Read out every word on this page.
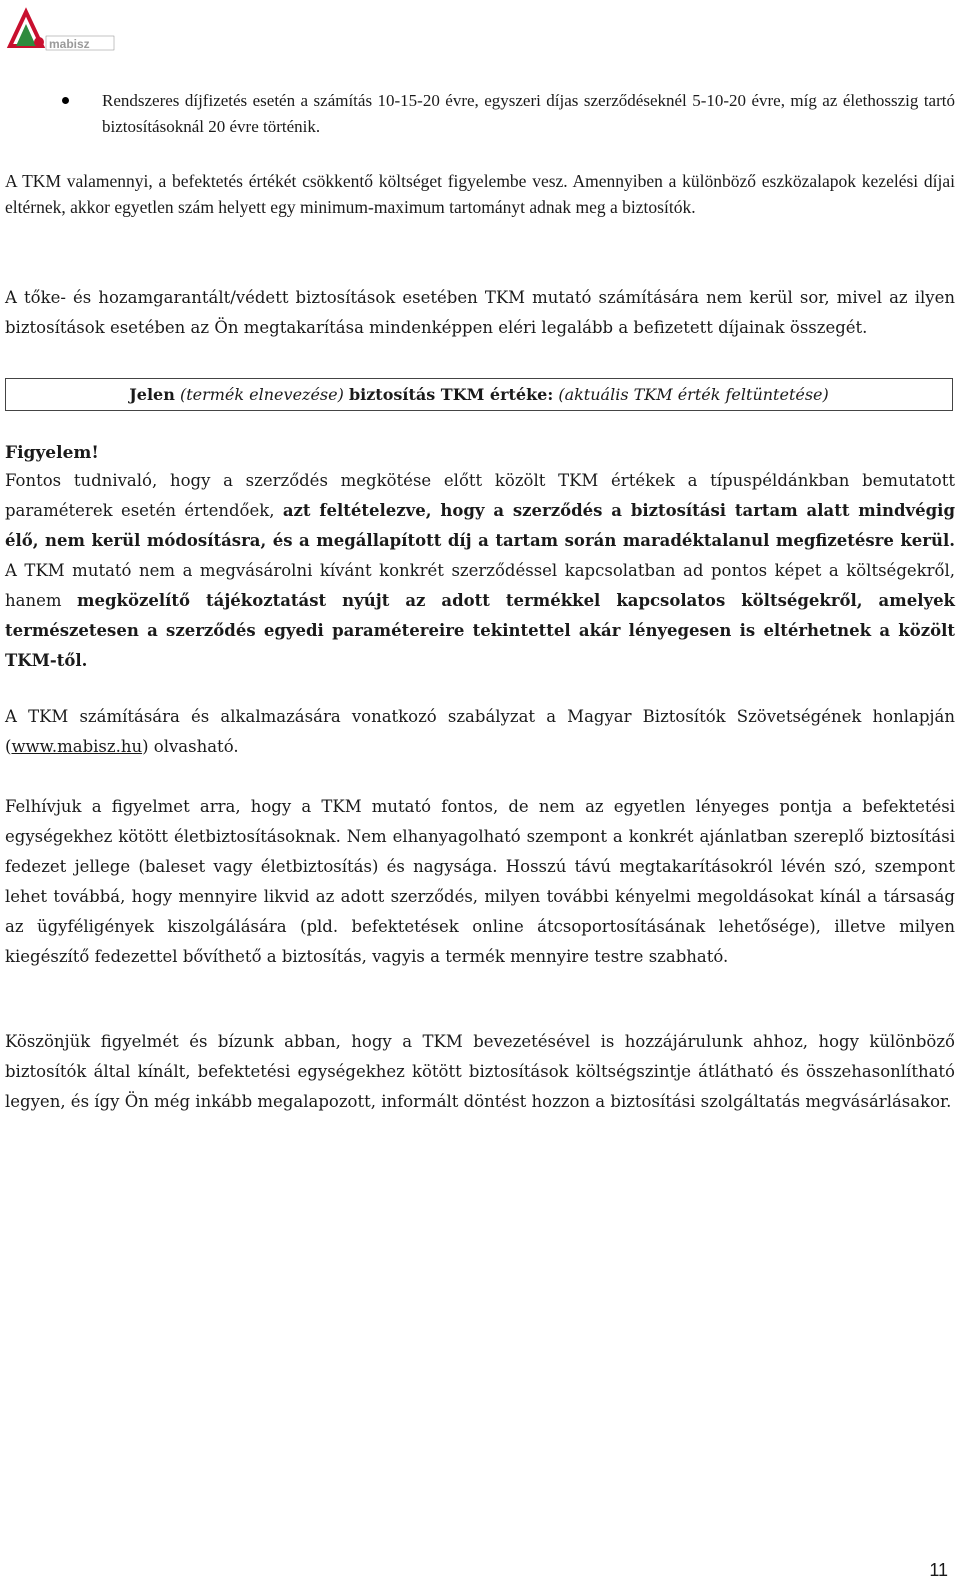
mabisz
Rendszeres díjfizetés esetén a számítás 10-15-20 évre, egyszeri díjas szerződéseknél 5-10-20 évre, míg az élethosszig tartó biztosításoknál 20 évre történik.
A TKM valamennyi, a befektetés értékét csökkentő költséget figyelembe vesz. Amennyiben a különböző eszközalapok kezelési díjai eltérnek, akkor egyetlen szám helyett egy minimum-maximum tartományt adnak meg a biztosítók.
A tőke- és hozamgarantált/védett biztosítások esetében TKM mutató számítására nem kerül sor, mivel az ilyen biztosítások esetében az Ön megtakarítása mindenképpen eléri legalább a befizetett díjainak összegét.
Jelen (termék elnevezése) biztosítás TKM értéke: (aktuális TKM érték feltüntetése)
Figyelem!
Fontos tudnivaló, hogy a szerződés megkötése előtt közölt TKM értékek a típuspéldánkban bemutatott paraméterek esetén értendőek, azt feltételezve, hogy a szerződés a biztosítási tartam alatt mindvégig élő, nem kerül módosításra, és a megállapított díj a tartam során maradéktalanul megfizetésre kerül. A TKM mutató nem a megvásárolni kívánt konkrét szerződéssel kapcsolatban ad pontos képet a költségekről, hanem megközelítő tájékoztatást nyújt az adott termékkel kapcsolatos költségekről, amelyek természetesen a szerződés egyedi paramétereire tekintettel akár lényegesen is eltérhetnek a közölt TKM-től.
A TKM számítására és alkalmazására vonatkozó szabályzat a Magyar Biztosítók Szövetségének honlapján (www.mabisz.hu) olvasható.
Felhívjuk a figyelmet arra, hogy a TKM mutató fontos, de nem az egyetlen lényeges pontja a befektetési egységekhez kötött életbiztosításoknak. Nem elhanyagolható szempont a konkrét ajánlatban szereplő biztosítási fedezet jellege (baleset vagy életbiztosítás) és nagysága. Hosszú távú megtakarításokról lévén szó, szempont lehet továbbá, hogy mennyire likvid az adott szerződés, milyen további kényelmi megoldásokat kínál a társaság az ügyféligények kiszolgálására (pld. befektetések online átcsoportosításának lehetősége), illetve milyen kiegészítő fedezettel bővíthető a biztosítás, vagyis a termék mennyire testre szabható.
Köszönjük figyelmét és bízunk abban, hogy a TKM bevezetésével is hozzájárulunk ahhoz, hogy különböző biztosítók által kínált, befektetési egységekhez kötött biztosítások költségszintje átlátható és összehasonlítható legyen, és így Ön még inkább megalapozott, informált döntést hozzon a biztosítási szolgáltatás megvásárlásakor.
11
